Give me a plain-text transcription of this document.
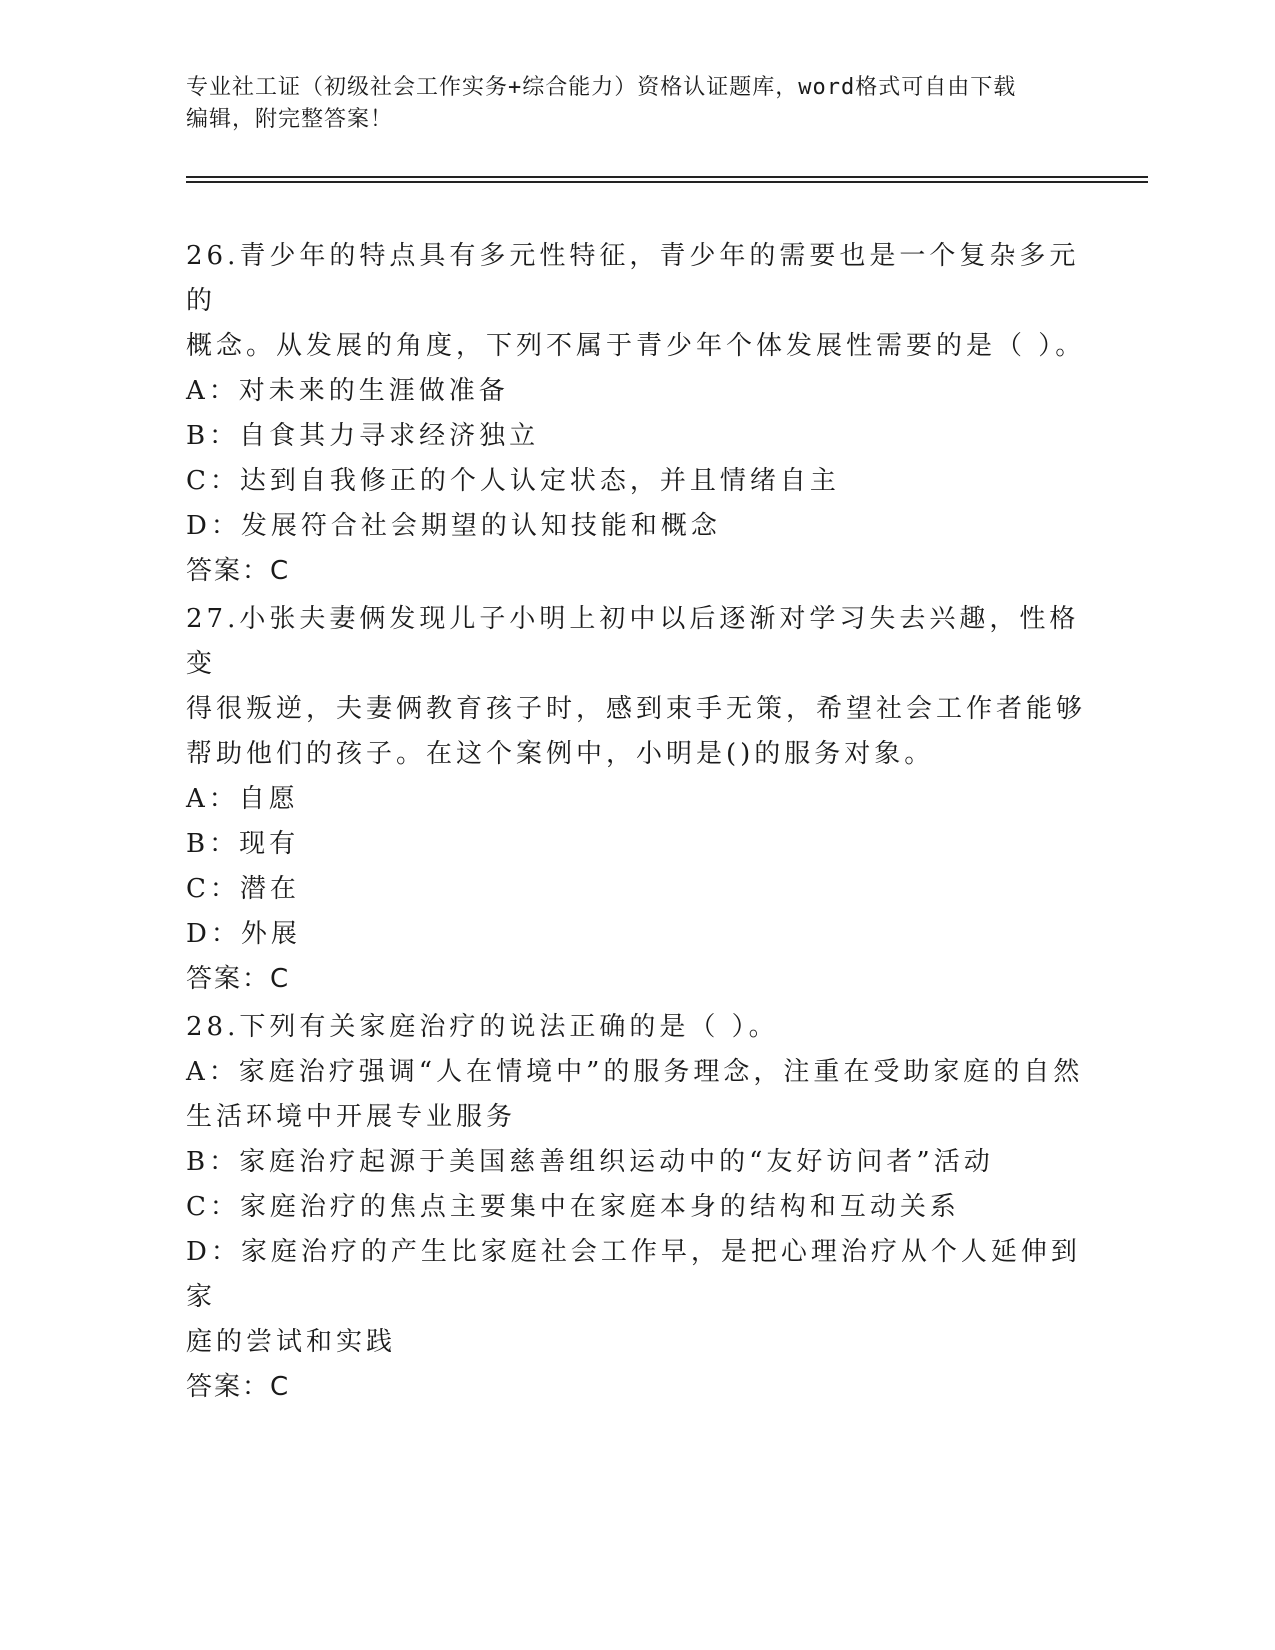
专业社工证（初级社会工作实务+综合能力）资格认证题库，word格式可自由下载
编辑，附完整答案！
26.青少年的特点具有多元性特征，青少年的需要也是一个复杂多元的
概念。从发展的角度，下列不属于青少年个体发展性需要的是（ ）。
A：对未来的生涯做准备
B：自食其力寻求经济独立
C：达到自我修正的个人认定状态，并且情绪自主
D：发展符合社会期望的认知技能和概念
答案：C
27.小张夫妻俩发现儿子小明上初中以后逐渐对学习失去兴趣，性格变
得很叛逆，夫妻俩教育孩子时，感到束手无策，希望社会工作者能够
帮助他们的孩子。在这个案例中，小明是()的服务对象。
A：自愿
B：现有
C：潜在
D：外展
答案：C
28.下列有关家庭治疗的说法正确的是（ ）。
A：家庭治疗强调“人在情境中”的服务理念，注重在受助家庭的自然
生活环境中开展专业服务
B：家庭治疗起源于美国慈善组织运动中的“友好访问者”活动
C：家庭治疗的焦点主要集中在家庭本身的结构和互动关系
D：家庭治疗的产生比家庭社会工作早，是把心理治疗从个人延伸到家
庭的尝试和实践
答案：C
